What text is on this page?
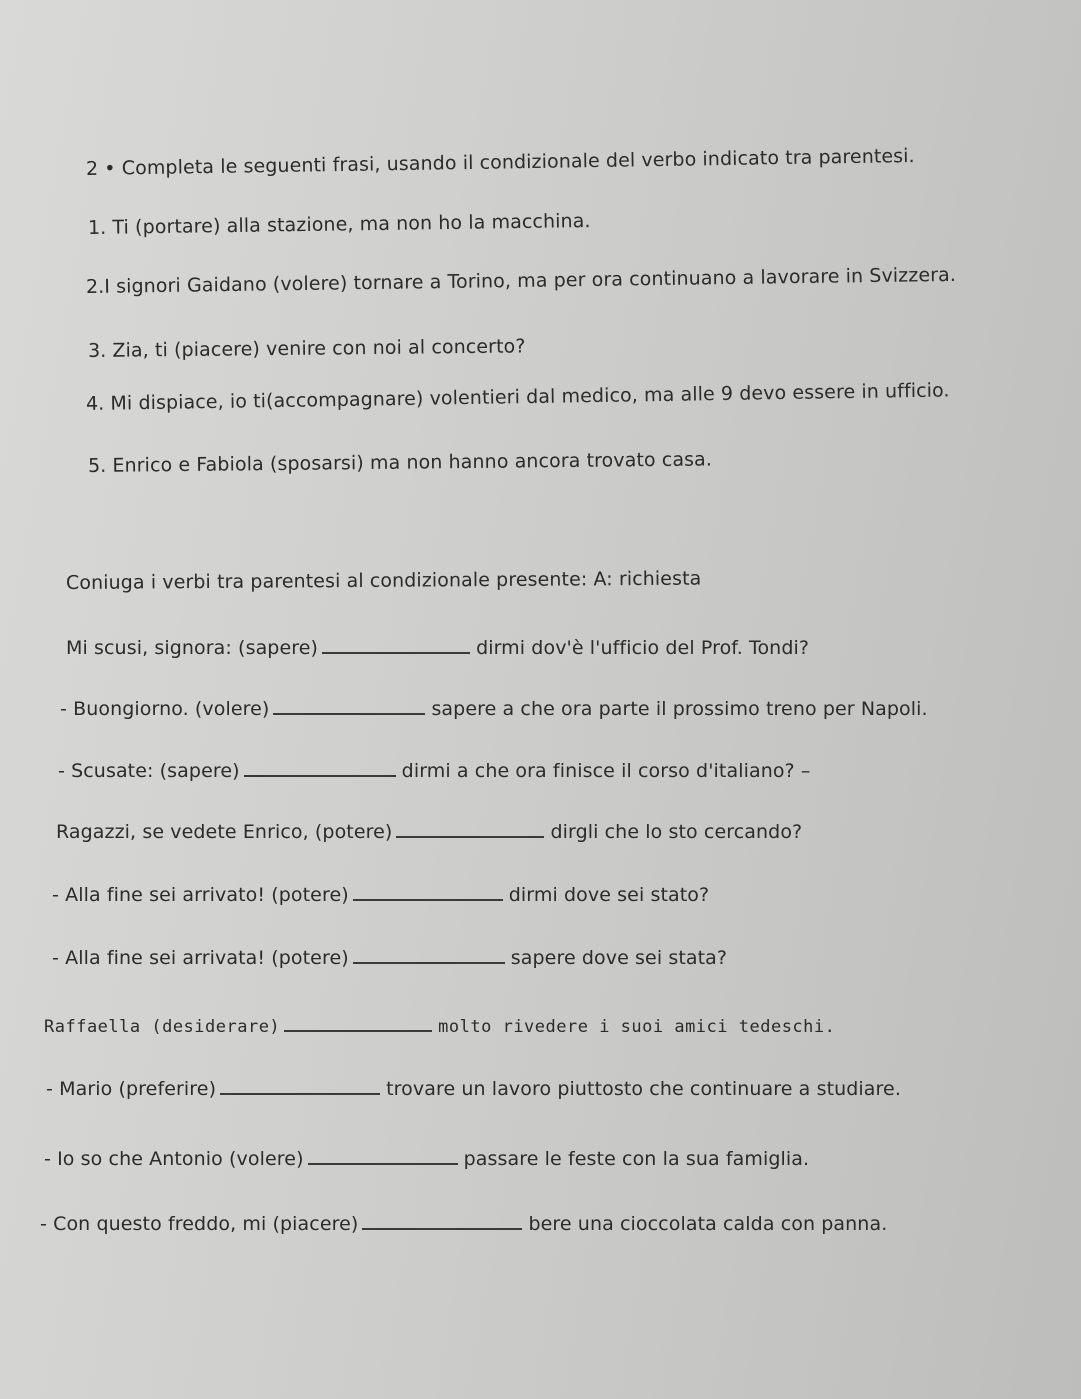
2 • Completa le seguenti frasi, usando il condizionale del verbo indicato tra parentesi.
1. Ti (portare) alla stazione, ma non ho la macchina.
2.I signori Gaidano (volere) tornare a Torino, ma per ora continuano a lavorare in Svizzera.
3. Zia, ti (piacere) venire con noi al concerto?
4. Mi dispiace, io ti(accompagnare) volentieri dal medico, ma alle 9 devo essere in ufficio.
5. Enrico e Fabiola (sposarsi) ma non hanno ancora trovato casa.
Coniuga i verbi tra parentesi al condizionale presente: A: richiesta
Mi scusi, signora: (sapere)	dirmi dov'è l'ufficio del Prof. Tondi?
- Buongiorno. (volere)	sapere a che ora parte il prossimo treno per Napoli.
- Scusate: (sapere)	dirmi a che ora finisce il corso d'italiano? –
Ragazzi, se vedete Enrico, (potere)	dirgli che lo sto cercando?
- Alla fine sei arrivato! (potere)	dirmi dove sei stato?
- Alla fine sei arrivata! (potere)	sapere dove sei stata?
Raffaella (desiderare)	molto rivedere i suoi amici tedeschi.
- Mario (preferire)	trovare un lavoro piuttosto che continuare a studiare.
- Io so che Antonio (volere)	passare le feste con la sua famiglia.
- Con questo freddo, mi (piacere)	bere una cioccolata calda con panna.
